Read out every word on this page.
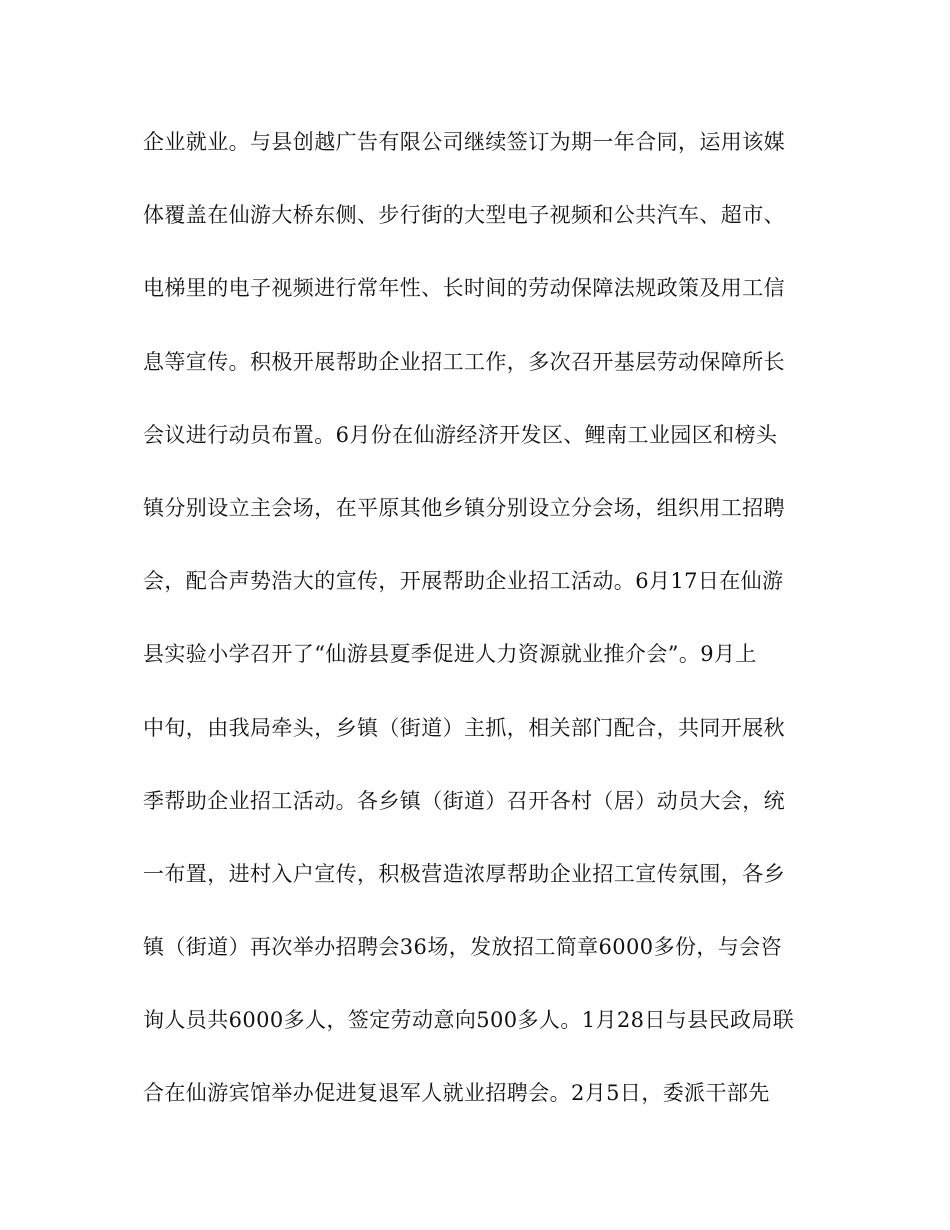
企业就业。与县创越广告有限公司继续签订为期一年合同，运用该媒
体覆盖在仙游大桥东侧、步行街的大型电子视频和公共汽车、超市、
电梯里的电子视频进行常年性、长时间的劳动保障法规政策及用工信
息等宣传。积极开展帮助企业招工工作，多次召开基层劳动保障所长
会议进行动员布置。6月份在仙游经济开发区、鲤南工业园区和榜头
镇分别设立主会场，在平原其他乡镇分别设立分会场，组织用工招聘
会，配合声势浩大的宣传，开展帮助企业招工活动。6月17日在仙游
县实验小学召开了“仙游县夏季促进人力资源就业推介会”。9月上
中旬，由我局牵头，乡镇（街道）主抓，相关部门配合，共同开展秋
季帮助企业招工活动。各乡镇（街道）召开各村（居）动员大会，统
一布置，进村入户宣传，积极营造浓厚帮助企业招工宣传氛围，各乡
镇（街道）再次举办招聘会36场，发放招工简章6000多份，与会咨
询人员共6000多人，签定劳动意向500多人。1月28日与县民政局联
合在仙游宾馆举办促进复退军人就业招聘会。2月5日，委派干部先
